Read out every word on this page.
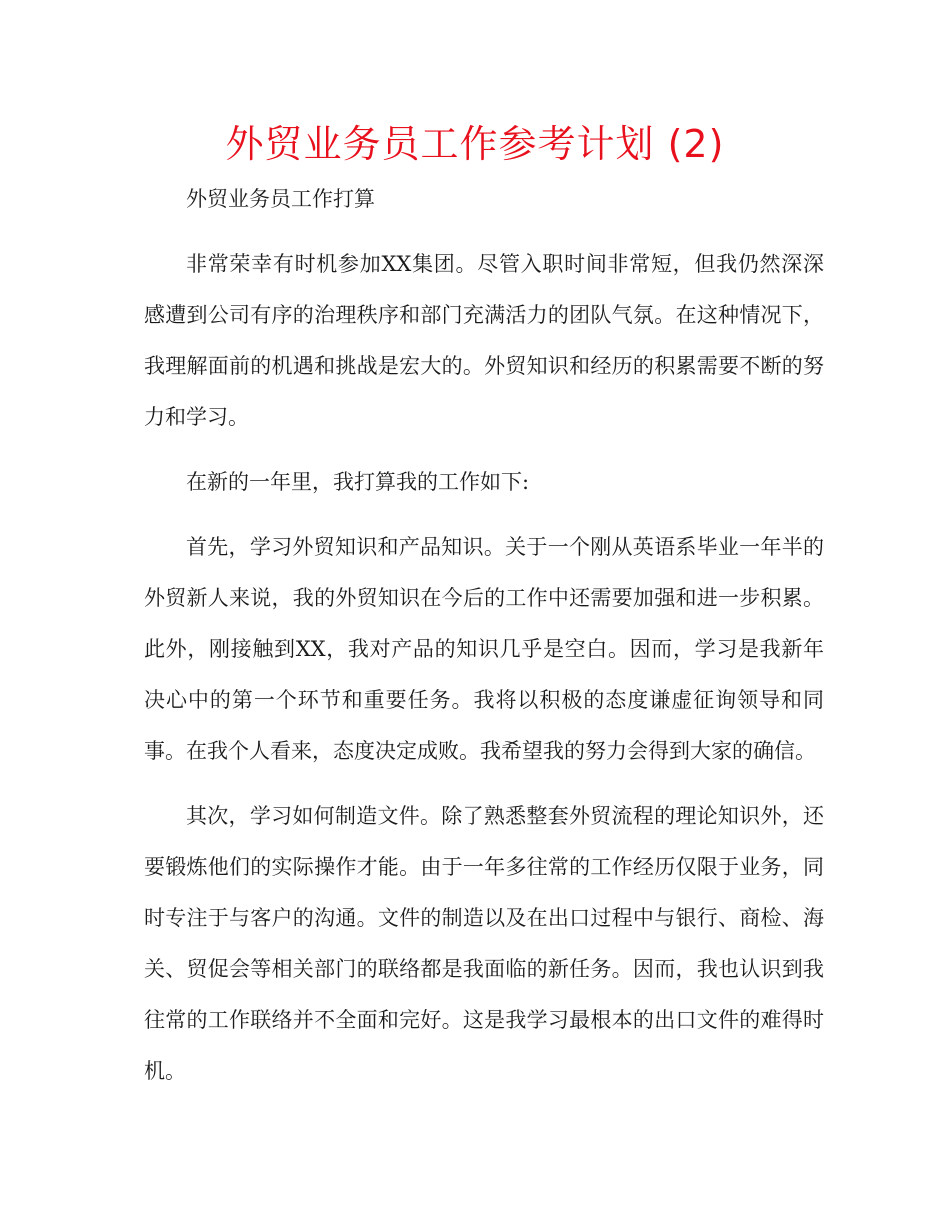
外贸业务员工作参考计划 (2)

外贸业务员工作打算

非常荣幸有时机参加XX集团。尽管入职时间非常短，但我仍然深深感遭到公司有序的治理秩序和部门充满活力的团队气氛。在这种情况下，我理解面前的机遇和挑战是宏大的。外贸知识和经历的积累需要不断的努力和学习。

在新的一年里，我打算我的工作如下:

首先，学习外贸知识和产品知识。关于一个刚从英语系毕业一年半的外贸新人来说，我的外贸知识在今后的工作中还需要加强和进一步积累。此外，刚接触到XX，我对产品的知识几乎是空白。因而，学习是我新年决心中的第一个环节和重要任务。我将以积极的态度谦虚征询领导和同事。在我个人看来，态度决定成败。我希望我的努力会得到大家的确信。

其次，学习如何制造文件。除了熟悉整套外贸流程的理论知识外，还要锻炼他们的实际操作才能。由于一年多往常的工作经历仅限于业务，同时专注于与客户的沟通。文件的制造以及在出口过程中与银行、商检、海关、贸促会等相关部门的联络都是我面临的新任务。因而，我也认识到我往常的工作联络并不全面和完好。这是我学习最根本的出口文件的难得时机。
